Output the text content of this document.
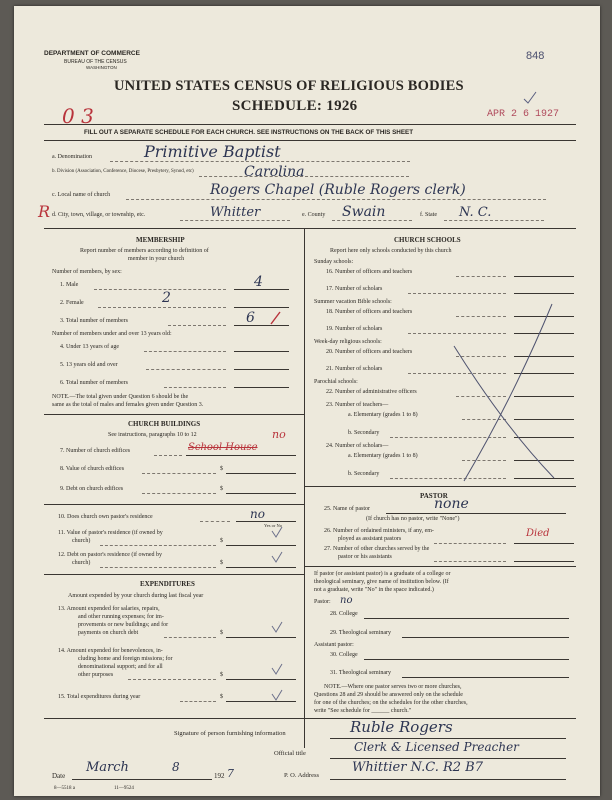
DEPARTMENT OF COMMERCE
BUREAU OF THE CENSUS
WASHINGTON
848
UNITED STATES CENSUS OF RELIGIOUS BODIES
SCHEDULE: 1926
0 3	APR 2 6 1927
FILL OUT A SEPARATE SCHEDULE FOR EACH CHURCH. SEE INSTRUCTIONS ON THE BACK OF THIS SHEET
a. Denomination	Primitive Baptist
b. Division (Association, Conference, Diocese, Presbytery, Synod, etc)	Carolina
c. Local name of church	Rogers Chapel (Ruble Rogers clerk)
R d. City, town, village, or township, etc.	Whitter	e. County Swain	f. State N. C.
MEMBERSHIP
Report number of members according to definition of
member in your church
Number of members, by sex:
1. Male	4
2. Female	2
3. Total number of members	6
Number of members under and over 13 years old:
4. Under 13 years of age
5. 13 years old and over
6. Total number of members
NOTE.—The total given under Question 6 should be the
same as the total of males and females given under Question 3.
CHURCH BUILDINGS
See instructions, paragraphs 10 to 12
7. Number of church edifices	School House
no
8. Value of church edifices	$
9. Debt on church edifices	$
10. Does church own pastor's residence	no
Yes or No
11. Value of pastor's residence (if owned by
church)	$
12. Debt on pastor's residence (if owned by
church)	$
EXPENDITURES
Amount expended by your church during last fiscal year
13. Amount expended for salaries, repairs,
and other running expenses; for im-
provements or new buildings; and for
payments on church debt	$
14. Amount expended for benevolences, in-
cluding home and foreign missions; for
denominational support; and for all
other purposes	$
15. Total expenditures during year	$
CHURCH SCHOOLS
Report here only schools conducted by this church
Sunday schools:
16. Number of officers and teachers
17. Number of scholars
Summer vacation Bible schools:
18. Number of officers and teachers
19. Number of scholars
Week-day religious schools:
20. Number of officers and teachers
21. Number of scholars
Parochial schools:
22. Number of administrative officers
23. Number of teachers—
a. Elementary (grades 1 to 8)
b. Secondary
24. Number of scholars—
a. Elementary (grades 1 to 8)
b. Secondary
PASTOR
25. Name of pastor	none
(If church has no pastor, write "None")
26. Number of ordained ministers, if any, em-
ployed as assistant pastors	Died
27. Number of other churches served by the
pastor or his assistants
If pastor (or assistant pastor) is a graduate of a college or
theological seminary, give name of institution below. (If
not a graduate, write "No" in the space indicated.)
Pastor: no
28. College
29. Theological seminary
Assistant pastor:
30. College
31. Theological seminary
NOTE.—Where one pastor serves two or more churches,
Questions 28 and 29 should be answered only on the schedule
for one of the churches; on the schedules for the other churches,
write "See schedule for ______ church."
Signature of person furnishing information	Ruble Rogers
Official title	Clerk & Licensed Preacher
Date
March	8
192 7
8—5518 a	11—9524
P. O. Address
Whittier N.C. R2 B7
